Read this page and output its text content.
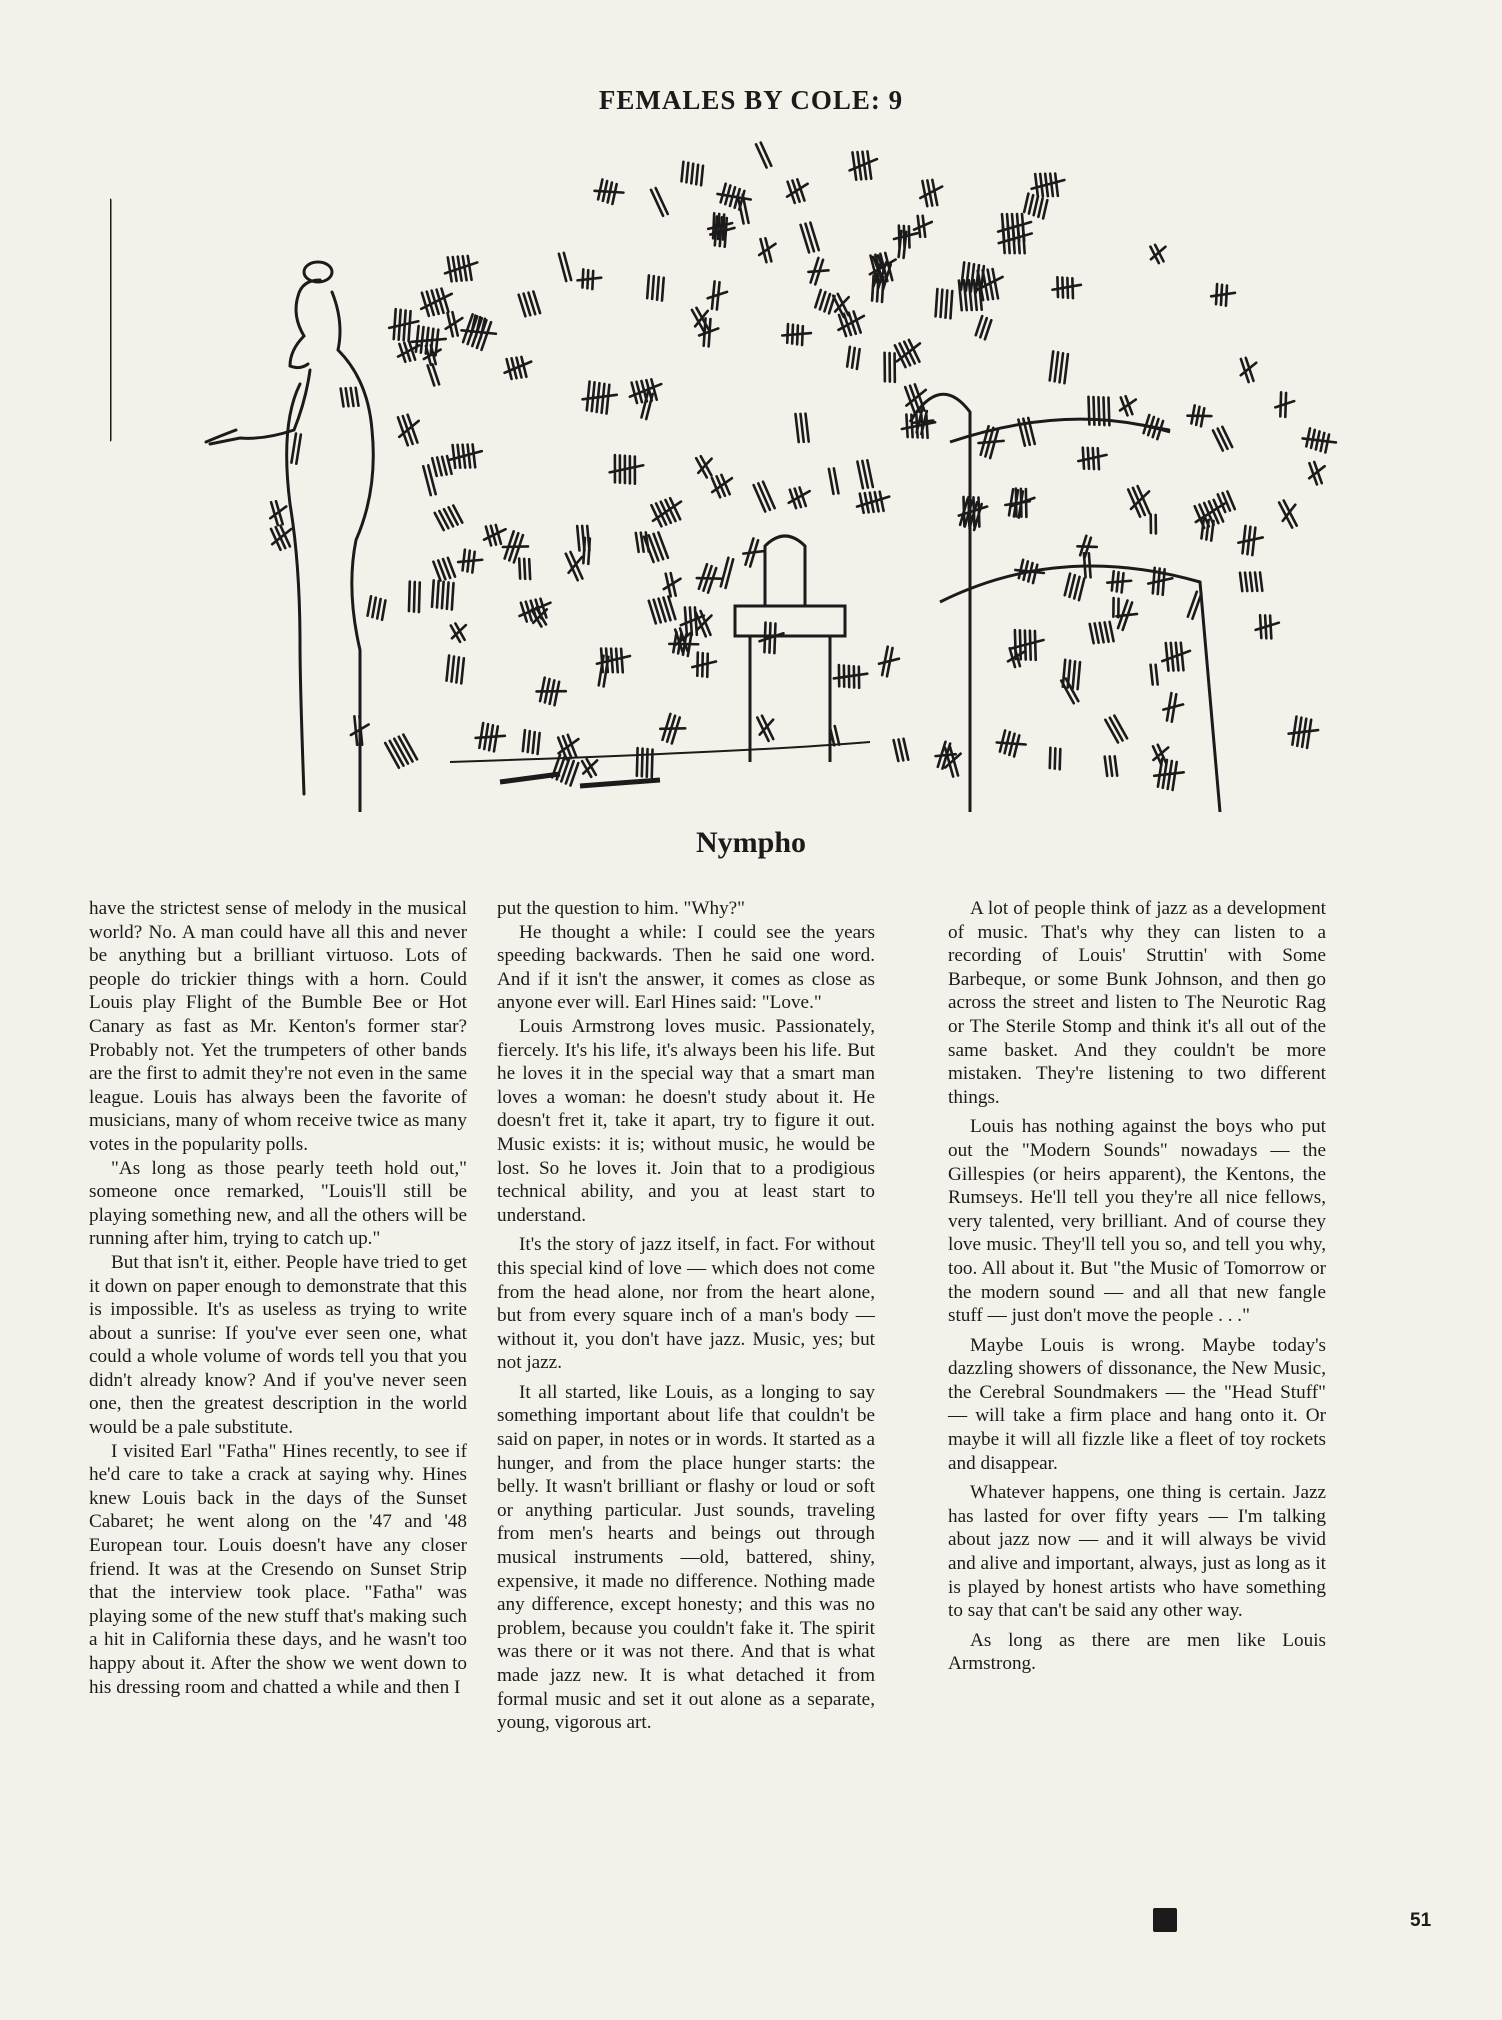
FEMALES BY COLE: 9
Nympho

have the strictest sense of melody in the musical world? No. A man could have all this and never be anything but a brilliant virtuoso. Lots of people do trickier things with a horn. Could Louis play Flight of the Bumble Bee or Hot Canary as fast as Mr. Kenton's former star? Probably not. Yet the trumpeters of other bands are the first to admit they're not even in the same league. Louis has always been the favorite of musicians, many of whom receive twice as many votes in the popularity polls.

"As long as those pearly teeth hold out," someone once remarked, "Louis'll still be playing something new, and all the others will be running after him, trying to catch up."

But that isn't it, either. People have tried to get it down on paper enough to demonstrate that this is impossible. It's as useless as trying to write about a sunrise: If you've ever seen one, what could a whole volume of words tell you that you didn't already know? And if you've never seen one, then the greatest description in the world would be a pale substitute.

I visited Earl "Fatha" Hines recently, to see if he'd care to take a crack at saying why. Hines knew Louis back in the days of the Sunset Cabaret; he went along on the '47 and '48 European tour. Louis doesn't have any closer friend. It was at the Cresendo on Sunset Strip that the interview took place. "Fatha" was playing some of the new stuff that's making such a hit in California these days, and he wasn't too happy about it. After the show we went down to his dressing room and chatted a while and then I

put the question to him. "Why?"

He thought a while: I could see the years speeding backwards. Then he said one word. And if it isn't the answer, it comes as close as anyone ever will. Earl Hines said: "Love."

Louis Armstrong loves music. Passionately, fiercely. It's his life, it's always been his life. But he loves it in the special way that a smart man loves a woman: he doesn't study about it. He doesn't fret it, take it apart, try to figure it out. Music exists: it is; without music, he would be lost. So he loves it. Join that to a prodigious technical ability, and you at least start to understand.

It's the story of jazz itself, in fact. For without this special kind of love — which does not come from the head alone, nor from the heart alone, but from every square inch of a man's body — without it, you don't have jazz. Music, yes; but not jazz.

It all started, like Louis, as a longing to say something important about life that couldn't be said on paper, in notes or in words. It started as a hunger, and from the place hunger starts: the belly. It wasn't brilliant or flashy or loud or soft or anything particular. Just sounds, traveling from men's hearts and beings out through musical instruments —old, battered, shiny, expensive, it made no difference. Nothing made any difference, except honesty; and this was no problem, because you couldn't fake it. The spirit was there or it was not there. And that is what made jazz new. It is what detached it from formal music and set it out alone as a separate, young, vigorous art.

A lot of people think of jazz as a development of music. That's why they can listen to a recording of Louis' Struttin' with Some Barbeque, or some Bunk Johnson, and then go across the street and listen to The Neurotic Rag or The Sterile Stomp and think it's all out of the same basket. And they couldn't be more mistaken. They're listening to two different things.

Louis has nothing against the boys who put out the "Modern Sounds" nowadays — the Gillespies (or heirs apparent), the Kentons, the Rumseys. He'll tell you they're all nice fellows, very talented, very brilliant. And of course they love music. They'll tell you so, and tell you why, too. All about it. But "the Music of Tomorrow or the modern sound — and all that new fangle stuff — just don't move the people . . ."

Maybe Louis is wrong. Maybe today's dazzling showers of dissonance, the New Music, the Cerebral Soundmakers — the "Head Stuff" — will take a firm place and hang onto it. Or maybe it will all fizzle like a fleet of toy rockets and disappear.

Whatever happens, one thing is certain. Jazz has lasted for over fifty years — I'm talking about jazz now — and it will always be vivid and alive and important, always, just as long as it is played by honest artists who have something to say that can't be said any other way.

As long as there are men like Louis Armstrong.

51
